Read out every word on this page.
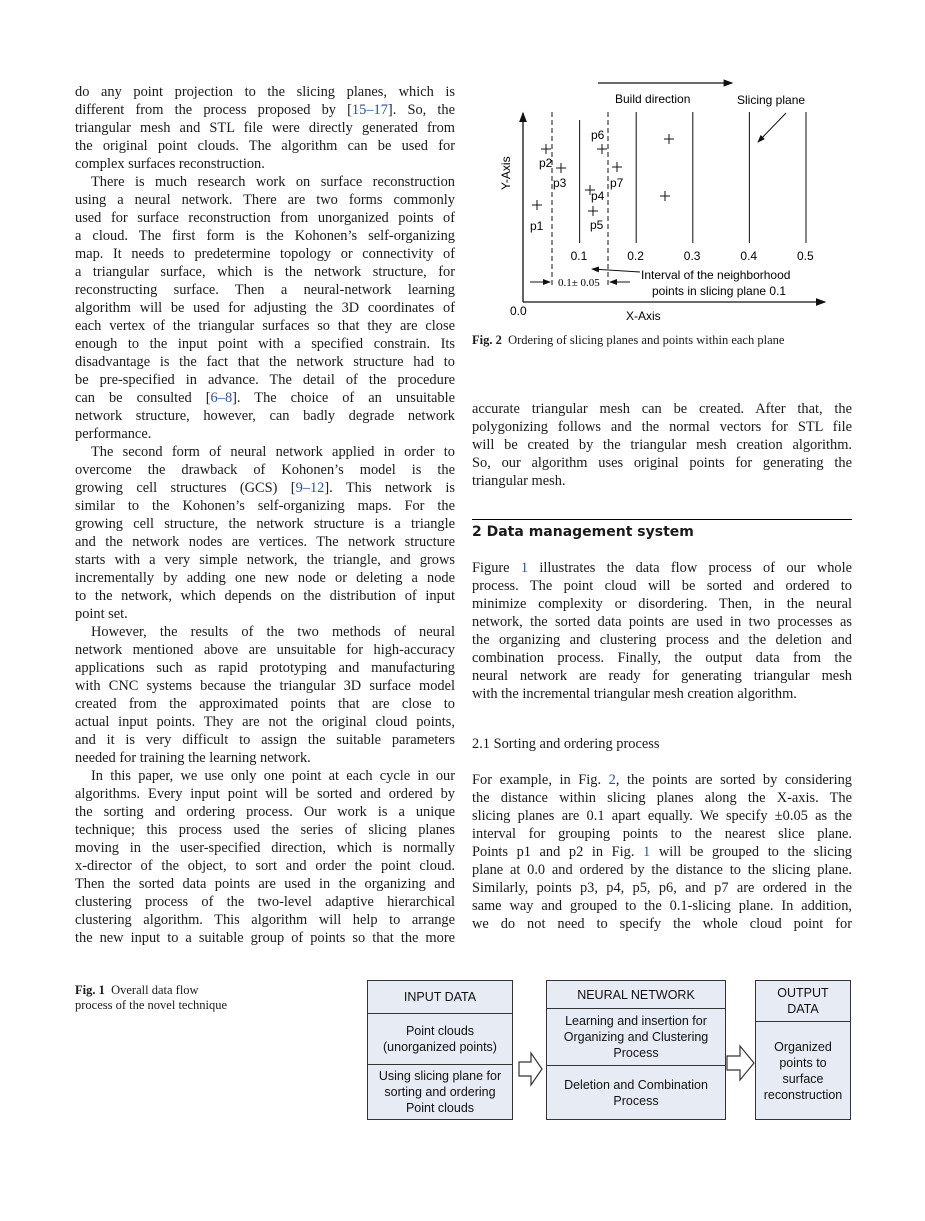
do any point projection to the slicing planes, which is
different from the process proposed by [15–17]. So, the
triangular mesh and STL file were directly generated from
the original point clouds. The algorithm can be used for
complex surfaces reconstruction.
There is much research work on surface reconstruction
using a neural network. There are two forms commonly
used for surface reconstruction from unorganized points of
a cloud. The first form is the Kohonen’s self-organizing
map. It needs to predetermine topology or connectivity of
a triangular surface, which is the network structure, for
reconstructing surface. Then a neural-network learning
algorithm will be used for adjusting the 3D coordinates of
each vertex of the triangular surfaces so that they are close
enough to the input point with a specified constrain. Its
disadvantage is the fact that the network structure had to
be pre-specified in advance. The detail of the procedure
can be consulted [6–8]. The choice of an unsuitable
network structure, however, can badly degrade network
performance.
The second form of neural network applied in order to
overcome the drawback of Kohonen’s model is the
growing cell structures (GCS) [9–12]. This network is
similar to the Kohonen’s self-organizing maps. For the
growing cell structure, the network structure is a triangle
and the network nodes are vertices. The network structure
starts with a very simple network, the triangle, and grows
incrementally by adding one new node or deleting a node
to the network, which depends on the distribution of input
point set.
However, the results of the two methods of neural
network mentioned above are unsuitable for high-accuracy
applications such as rapid prototyping and manufacturing
with CNC systems because the triangular 3D surface model
created from the approximated points that are close to
actual input points. They are not the original cloud points,
and it is very difficult to assign the suitable parameters
needed for training the learning network.
In this paper, we use only one point at each cycle in our
algorithms. Every input point will be sorted and ordered by
the sorting and ordering process. Our work is a unique
technique; this process used the series of slicing planes
moving in the user-specified direction, which is normally
x-director of the object, to sort and order the point cloud.
Then the sorted data points are used in the organizing and
clustering process of the two-level adaptive hierarchical
clustering algorithm. This algorithm will help to arrange
the new input to a suitable group of points so that the more
accurate triangular mesh can be created. After that, the
polygonizing follows and the normal vectors for STL file
will be created by the triangular mesh creation algorithm.
So, our algorithm uses original points for generating the
triangular mesh.
2 Data management system
Figure 1 illustrates the data flow process of our whole
process. The point cloud will be sorted and ordered to
minimize complexity or disordering. Then, in the neural
network, the sorted data points are used in two processes as
the organizing and clustering process and the deletion and
combination process. Finally, the output data from the
neural network are ready for generating triangular mesh
with the incremental triangular mesh creation algorithm.
2.1 Sorting and ordering process
For example, in Fig. 2, the points are sorted by considering
the distance within slicing planes along the X-axis. The
slicing planes are 0.1 apart equally. We specify ±0.05 as the
interval for grouping points to the nearest slice plane.
Points p1 and p2 in Fig. 1 will be grouped to the slicing
plane at 0.0 and ordered by the distance to the slicing plane.
Similarly, points p3, p4, p5, p6, and p7 are ordered in the
same way and grouped to the 0.1-slicing plane. In addition,
we do not need to specify the whole cloud point for
Build direction	Slicing plane
Y-Axis
X-Axis
0.0
0.1	0.2	0.3	0.4	0.5
0.1± 0.05
Interval of the neighborhood
points in slicing plane 0.1
p1
p2
p3
p4
p5
p6
p7
Fig. 2 Ordering of slicing planes and points within each plane
Fig. 1 Overall data flow
process of the novel technique
INPUT DATA
Point clouds
(unorganized points)
Using slicing plane for
sorting and ordering
Point clouds
NEURAL NETWORK
Learning and insertion for
Organizing and Clustering
Process
Deletion and Combination
Process
OUTPUT
DATA
Organized
points to
surface
reconstruction
